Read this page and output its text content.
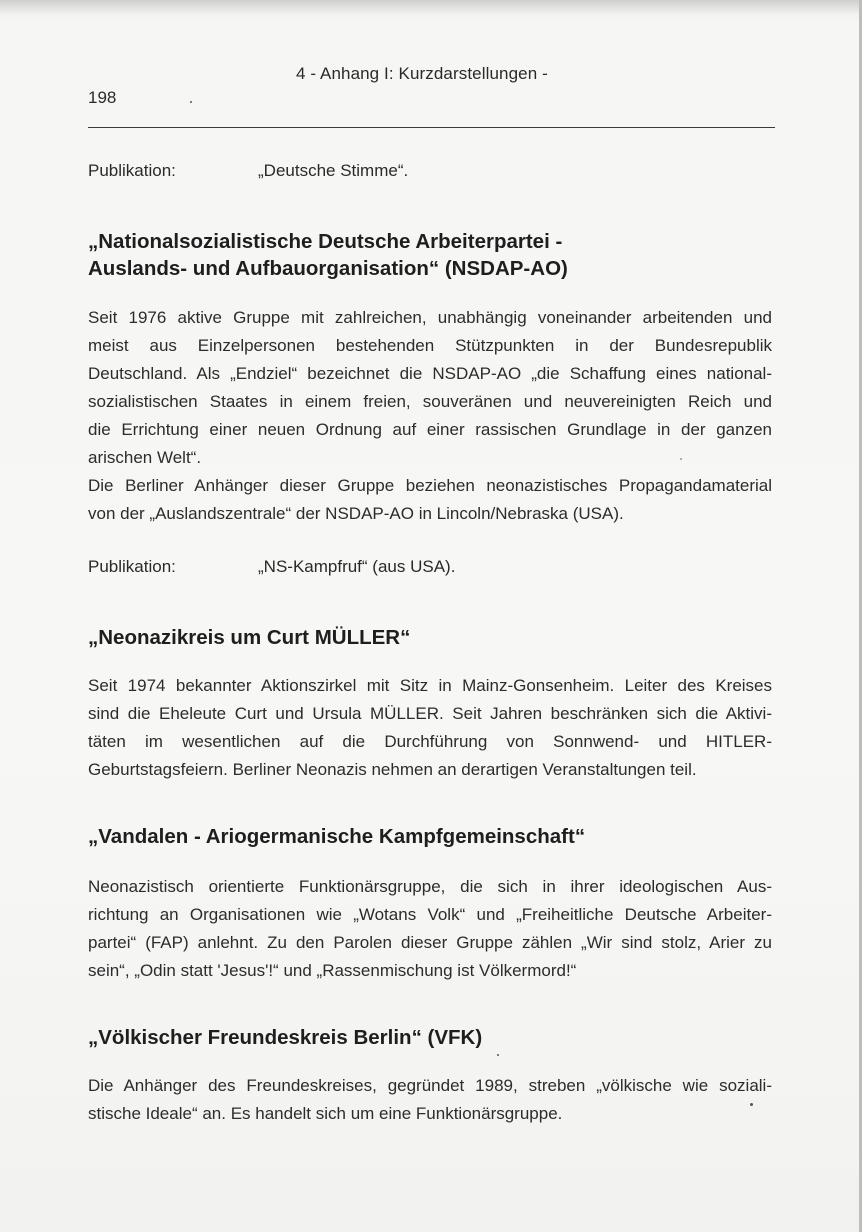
4 - Anhang I: Kurzdarstellungen -
198
Publikation:	„Deutsche Stimme“.
„Nationalsozialistische Deutsche Arbeiterpartei -
Auslands- und Aufbauorganisation“ (NSDAP-AO)
Seit 1976 aktive Gruppe mit zahlreichen, unabhängig voneinander arbeitenden und
meist aus Einzelpersonen bestehenden Stützpunkten in der Bundesrepublik
Deutschland. Als „Endziel“ bezeichnet die NSDAP-AO „die Schaffung eines national-
sozialistischen Staates in einem freien, souveränen und neuvereinigten Reich und
die Errichtung einer neuen Ordnung auf einer rassischen Grundlage in der ganzen
arischen Welt“.
Die Berliner Anhänger dieser Gruppe beziehen neonazistisches Propagandamaterial
von der „Auslandszentrale“ der NSDAP-AO in Lincoln/Nebraska (USA).
Publikation:	„NS-Kampfruf“ (aus USA).
„Neonazikreis um Curt MÜLLER“
Seit 1974 bekannter Aktionszirkel mit Sitz in Mainz-Gonsenheim. Leiter des Kreises
sind die Eheleute Curt und Ursula MÜLLER. Seit Jahren beschränken sich die Aktivi-
täten im wesentlichen auf die Durchführung von Sonnwend- und HITLER-
Geburtstagsfeiern. Berliner Neonazis nehmen an derartigen Veranstaltungen teil.
„Vandalen - Ariogermanische Kampfgemeinschaft“
Neonazistisch orientierte Funktionärsgruppe, die sich in ihrer ideologischen Aus-
richtung an Organisationen wie „Wotans Volk“ und „Freiheitliche Deutsche Arbeiter-
partei“ (FAP) anlehnt. Zu den Parolen dieser Gruppe zählen „Wir sind stolz, Arier zu
sein“, „Odin statt 'Jesus'!“ und „Rassenmischung ist Völkermord!“
„Völkischer Freundeskreis Berlin“ (VFK)
Die Anhänger des Freundeskreises, gegründet 1989, streben „völkische wie soziali-
stische Ideale“ an. Es handelt sich um eine Funktionärsgruppe.
